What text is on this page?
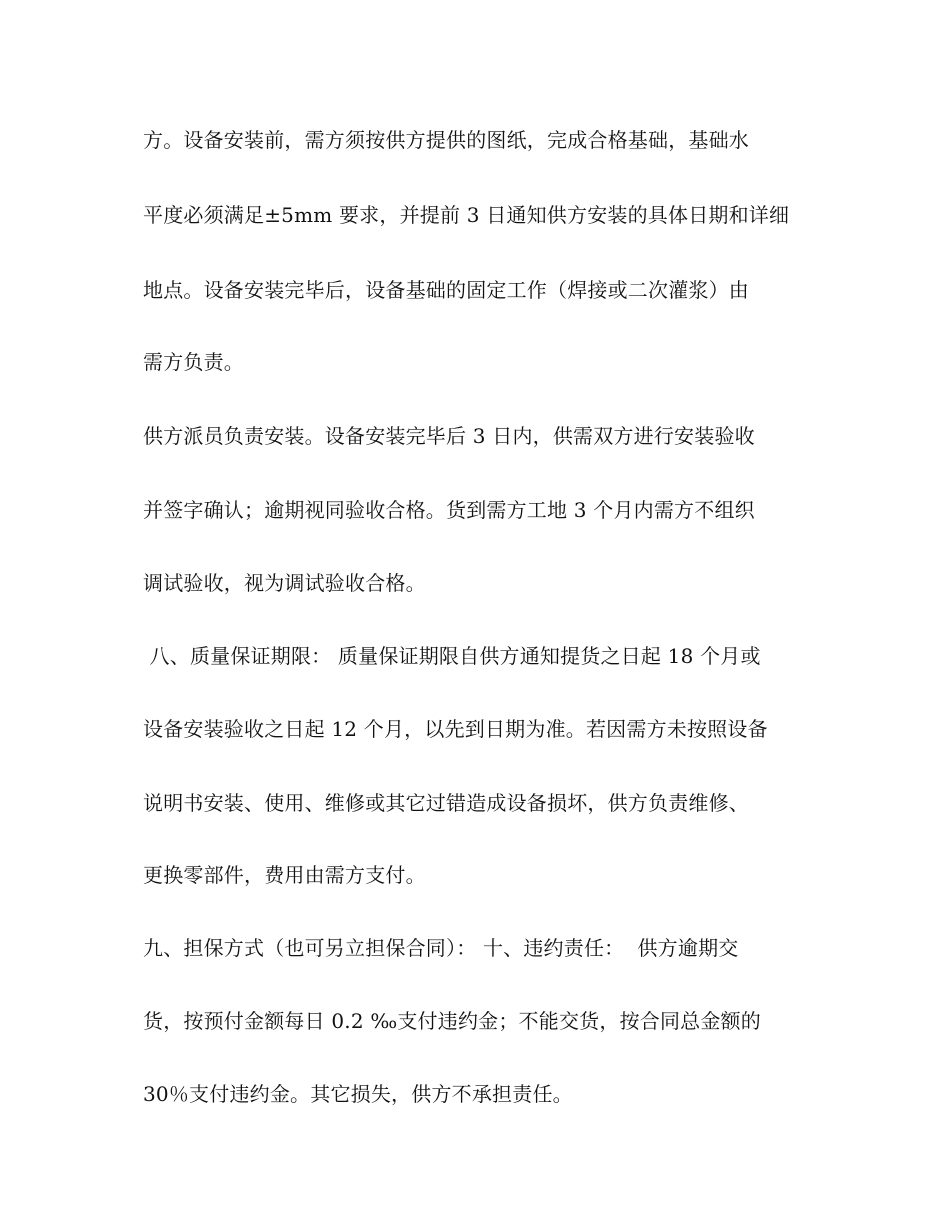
方。设备安装前，需方须按供方提供的图纸，完成合格基础，基础水
平度必须满足±5mm 要求，并提前 3 日通知供方安装的具体日期和详细
地点。设备安装完毕后，设备基础的固定工作（焊接或二次灌浆）由
需方负责。
供方派员负责安装。设备安装完毕后 3 日内，供需双方进行安装验收
并签字确认；逾期视同验收合格。货到需方工地 3 个月内需方不组织
调试验收，视为调试验收合格。
八、质量保证期限： 质量保证期限自供方通知提货之日起 18 个月或
设备安装验收之日起 12 个月，以先到日期为准。若因需方未按照设备
说明书安装、使用、维修或其它过错造成设备损坏，供方负责维修、
更换零部件，费用由需方支付。
九、担保方式（也可另立担保合同）： 十、违约责任：  供方逾期交
货，按预付金额每日 0.2 ‰支付违约金；不能交货，按合同总金额的
30％支付违约金。其它损失，供方不承担责任。
